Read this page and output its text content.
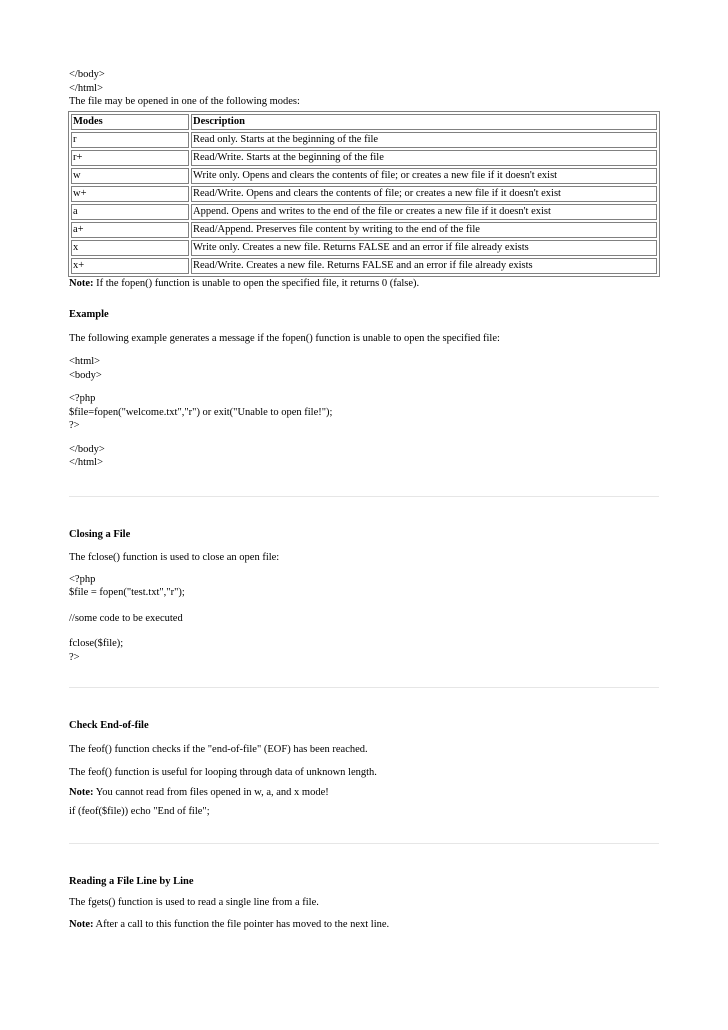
</body>
</html>
The file may be opened in one of the following modes:
Modes	Description
r	Read only. Starts at the beginning of the file
r+	Read/Write. Starts at the beginning of the file
w	Write only. Opens and clears the contents of file; or creates a new file if it doesn't exist
w+	Read/Write. Opens and clears the contents of file; or creates a new file if it doesn't exist
a	Append. Opens and writes to the end of the file or creates a new file if it doesn't exist
a+	Read/Append. Preserves file content by writing to the end of the file
x	Write only. Creates a new file. Returns FALSE and an error if file already exists
x+	Read/Write. Creates a new file. Returns FALSE and an error if file already exists
Note: If the fopen() function is unable to open the specified file, it returns 0 (false).
Example
The following example generates a message if the fopen() function is unable to open the specified file:
<html>
<body>
<?php
$file=fopen("welcome.txt","r") or exit("Unable to open file!");
?>
</body>
</html>
Closing a File
The fclose() function is used to close an open file:
<?php
$file = fopen("test.txt","r");
//some code to be executed
fclose($file);
?>
Check End-of-file
The feof() function checks if the "end-of-file" (EOF) has been reached.
The feof() function is useful for looping through data of unknown length.
Note: You cannot read from files opened in w, a, and x mode!
if (feof($file)) echo "End of file";
Reading a File Line by Line
The fgets() function is used to read a single line from a file.
Note: After a call to this function the file pointer has moved to the next line.
